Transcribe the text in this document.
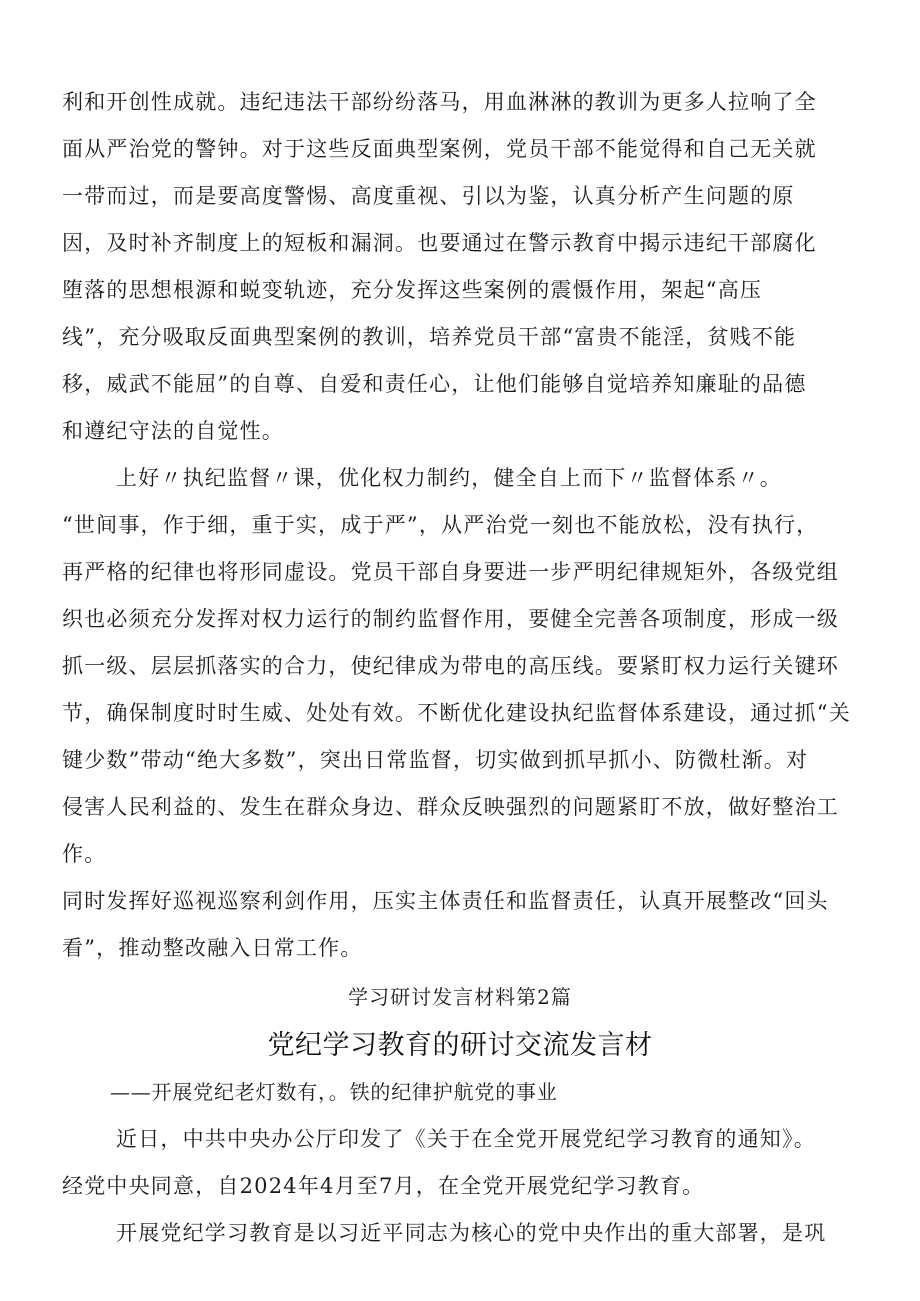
利和开创性成就。违纪违法干部纷纷落马，用血淋淋的教训为更多人拉响了全
面从严治党的警钟。对于这些反面典型案例，党员干部不能觉得和自己无关就
一带而过，而是要高度警惕、高度重视、引以为鉴，认真分析产生问题的原
因，及时补齐制度上的短板和漏洞。也要通过在警示教育中揭示违纪干部腐化
堕落的思想根源和蜕变轨迹，充分发挥这些案例的震慑作用，架起“高压
线”，充分吸取反面典型案例的教训，培养党员干部“富贵不能淫，贫贱不能
移，威武不能屈”的自尊、自爱和责任心，让他们能够自觉培养知廉耻的品德
和遵纪守法的自觉性。
上好〃执纪监督〃课，优化权力制约，健全自上而下〃监督体系〃。
“世间事，作于细，重于实，成于严”，从严治党一刻也不能放松，没有执行，
再严格的纪律也将形同虚设。党员干部自身要进一步严明纪律规矩外，各级党组
织也必须充分发挥对权力运行的制约监督作用，要健全完善各项制度，形成一级
抓一级、层层抓落实的合力，使纪律成为带电的高压线。要紧盯权力运行关键环
节，确保制度时时生威、处处有效。不断优化建设执纪监督体系建设，通过抓“关
键少数”带动“绝大多数”，突出日常监督，切实做到抓早抓小、防微杜渐。对
侵害人民利益的、发生在群众身边、群众反映强烈的问题紧盯不放，做好整治工
作。
同时发挥好巡视巡察利剑作用，压实主体责任和监督责任，认真开展整改“回头
看”，推动整改融入日常工作。
学习研讨发言材料第2篇
党纪学习教育的研讨交流发言材
——开展党纪老灯数有，。铁的纪律护航党的事业
近日，中共中央办公厅印发了《关于在全党开展党纪学习教育的通知》。
经党中央同意，自2024年4月至7月，在全党开展党纪学习教育。
开展党纪学习教育是以习近平同志为核心的党中央作出的重大部署，是巩
